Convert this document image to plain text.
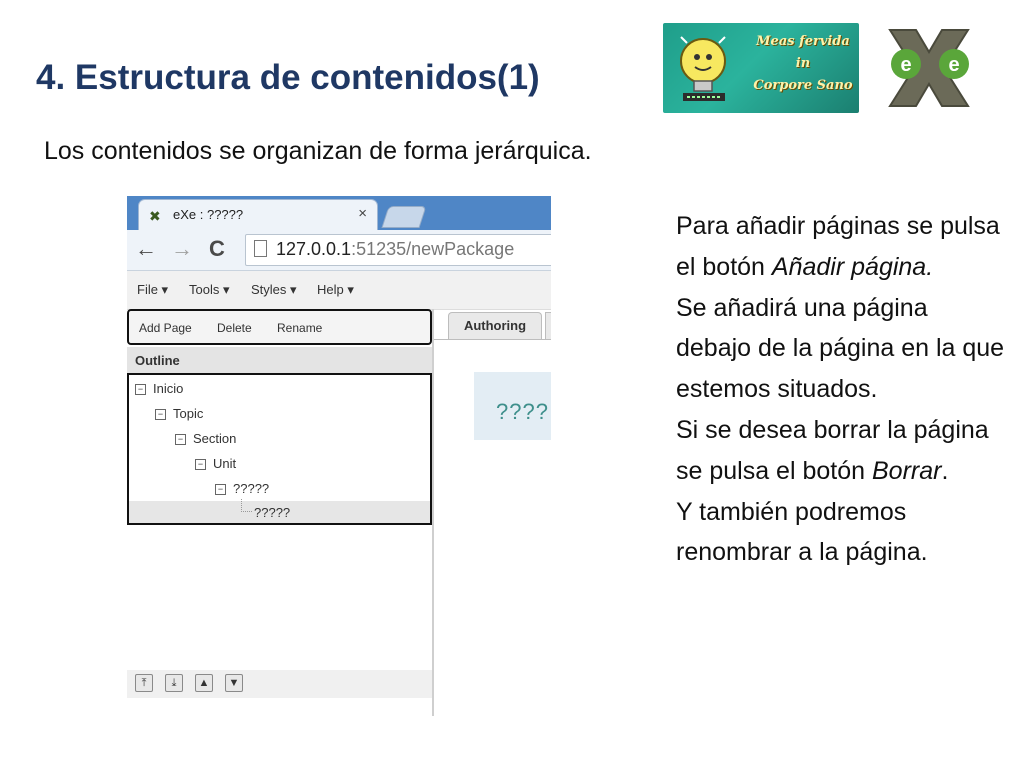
4. Estructura de contenidos(1)
Meas fervida
in
Corpore Sano
e e
Los contenidos se organizan de forma jerárquica.
✖ eXe : ?????	×
← → C	127.0.0.1:51235/newPackage
File ▾ Tools ▾ Styles ▾ Help ▾
Add Page Delete Rename	Authoring
????
Outline
− Inicio
− Topic
− Section
− Unit
− ?????
?????
⤒	⤓	▲	▼

Para añadir páginas se pulsa el botón Añadir página.

Se añadirá una página debajo de la página en la que estemos situados.

Si se desea borrar la página se pulsa el botón Borrar.

Y también podremos renombrar a la página.
